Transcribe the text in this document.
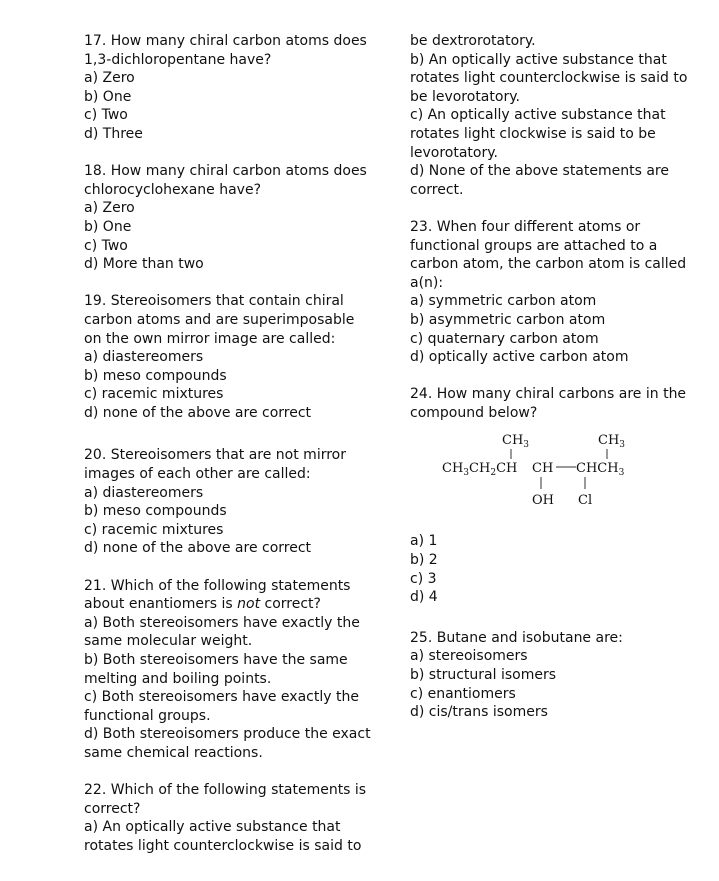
17. How many chiral carbon atoms does
1,3-dichloropentane have?
a) Zero
b) One
c) Two
d) Three
18. How many chiral carbon atoms does
chlorocyclohexane have?
a) Zero
b) One
c) Two
d) More than two
19. Stereoisomers that contain chiral
carbon atoms and are superimposable
on the own mirror image are called:
a) diastereomers
b) meso compounds
c) racemic mixtures
d) none of the above are correct
20. Stereoisomers that are not mirror
images of each other are called:
a) diastereomers
b) meso compounds
c) racemic mixtures
d) none of the above are correct
21. Which of the following statements
about enantiomers is not correct?
a) Both stereoisomers have exactly the
same molecular weight.
b) Both stereoisomers have the same
melting and boiling points.
c) Both stereoisomers have exactly the
functional groups.
d) Both stereoisomers produce the exact
same chemical reactions.
22. Which of the following statements is
correct?
a) An optically active substance that
rotates light counterclockwise is said to
be dextrorotatory.
b) An optically active substance that
rotates light counterclockwise is said to
be levorotatory.
c) An optically active substance that
rotates light clockwise is said to be
levorotatory.
d) None of the above statements are
correct.
23. When four different atoms or
functional groups are attached to a
carbon atom, the carbon atom is called
a(n):
a) symmetric carbon atom
b) asymmetric carbon atom
c) quaternary carbon atom
d) optically active carbon atom
24. How many chiral carbons are in the
compound below?
$CH_3$	$CH_3$
$CH_3CH_2CH$ CH $CHCH_3$
OH Cl
a) 1
b) 2
c) 3
d) 4
25. Butane and isobutane are:
a) stereoisomers
b) structural isomers
c) enantiomers
d) cis/trans isomers
